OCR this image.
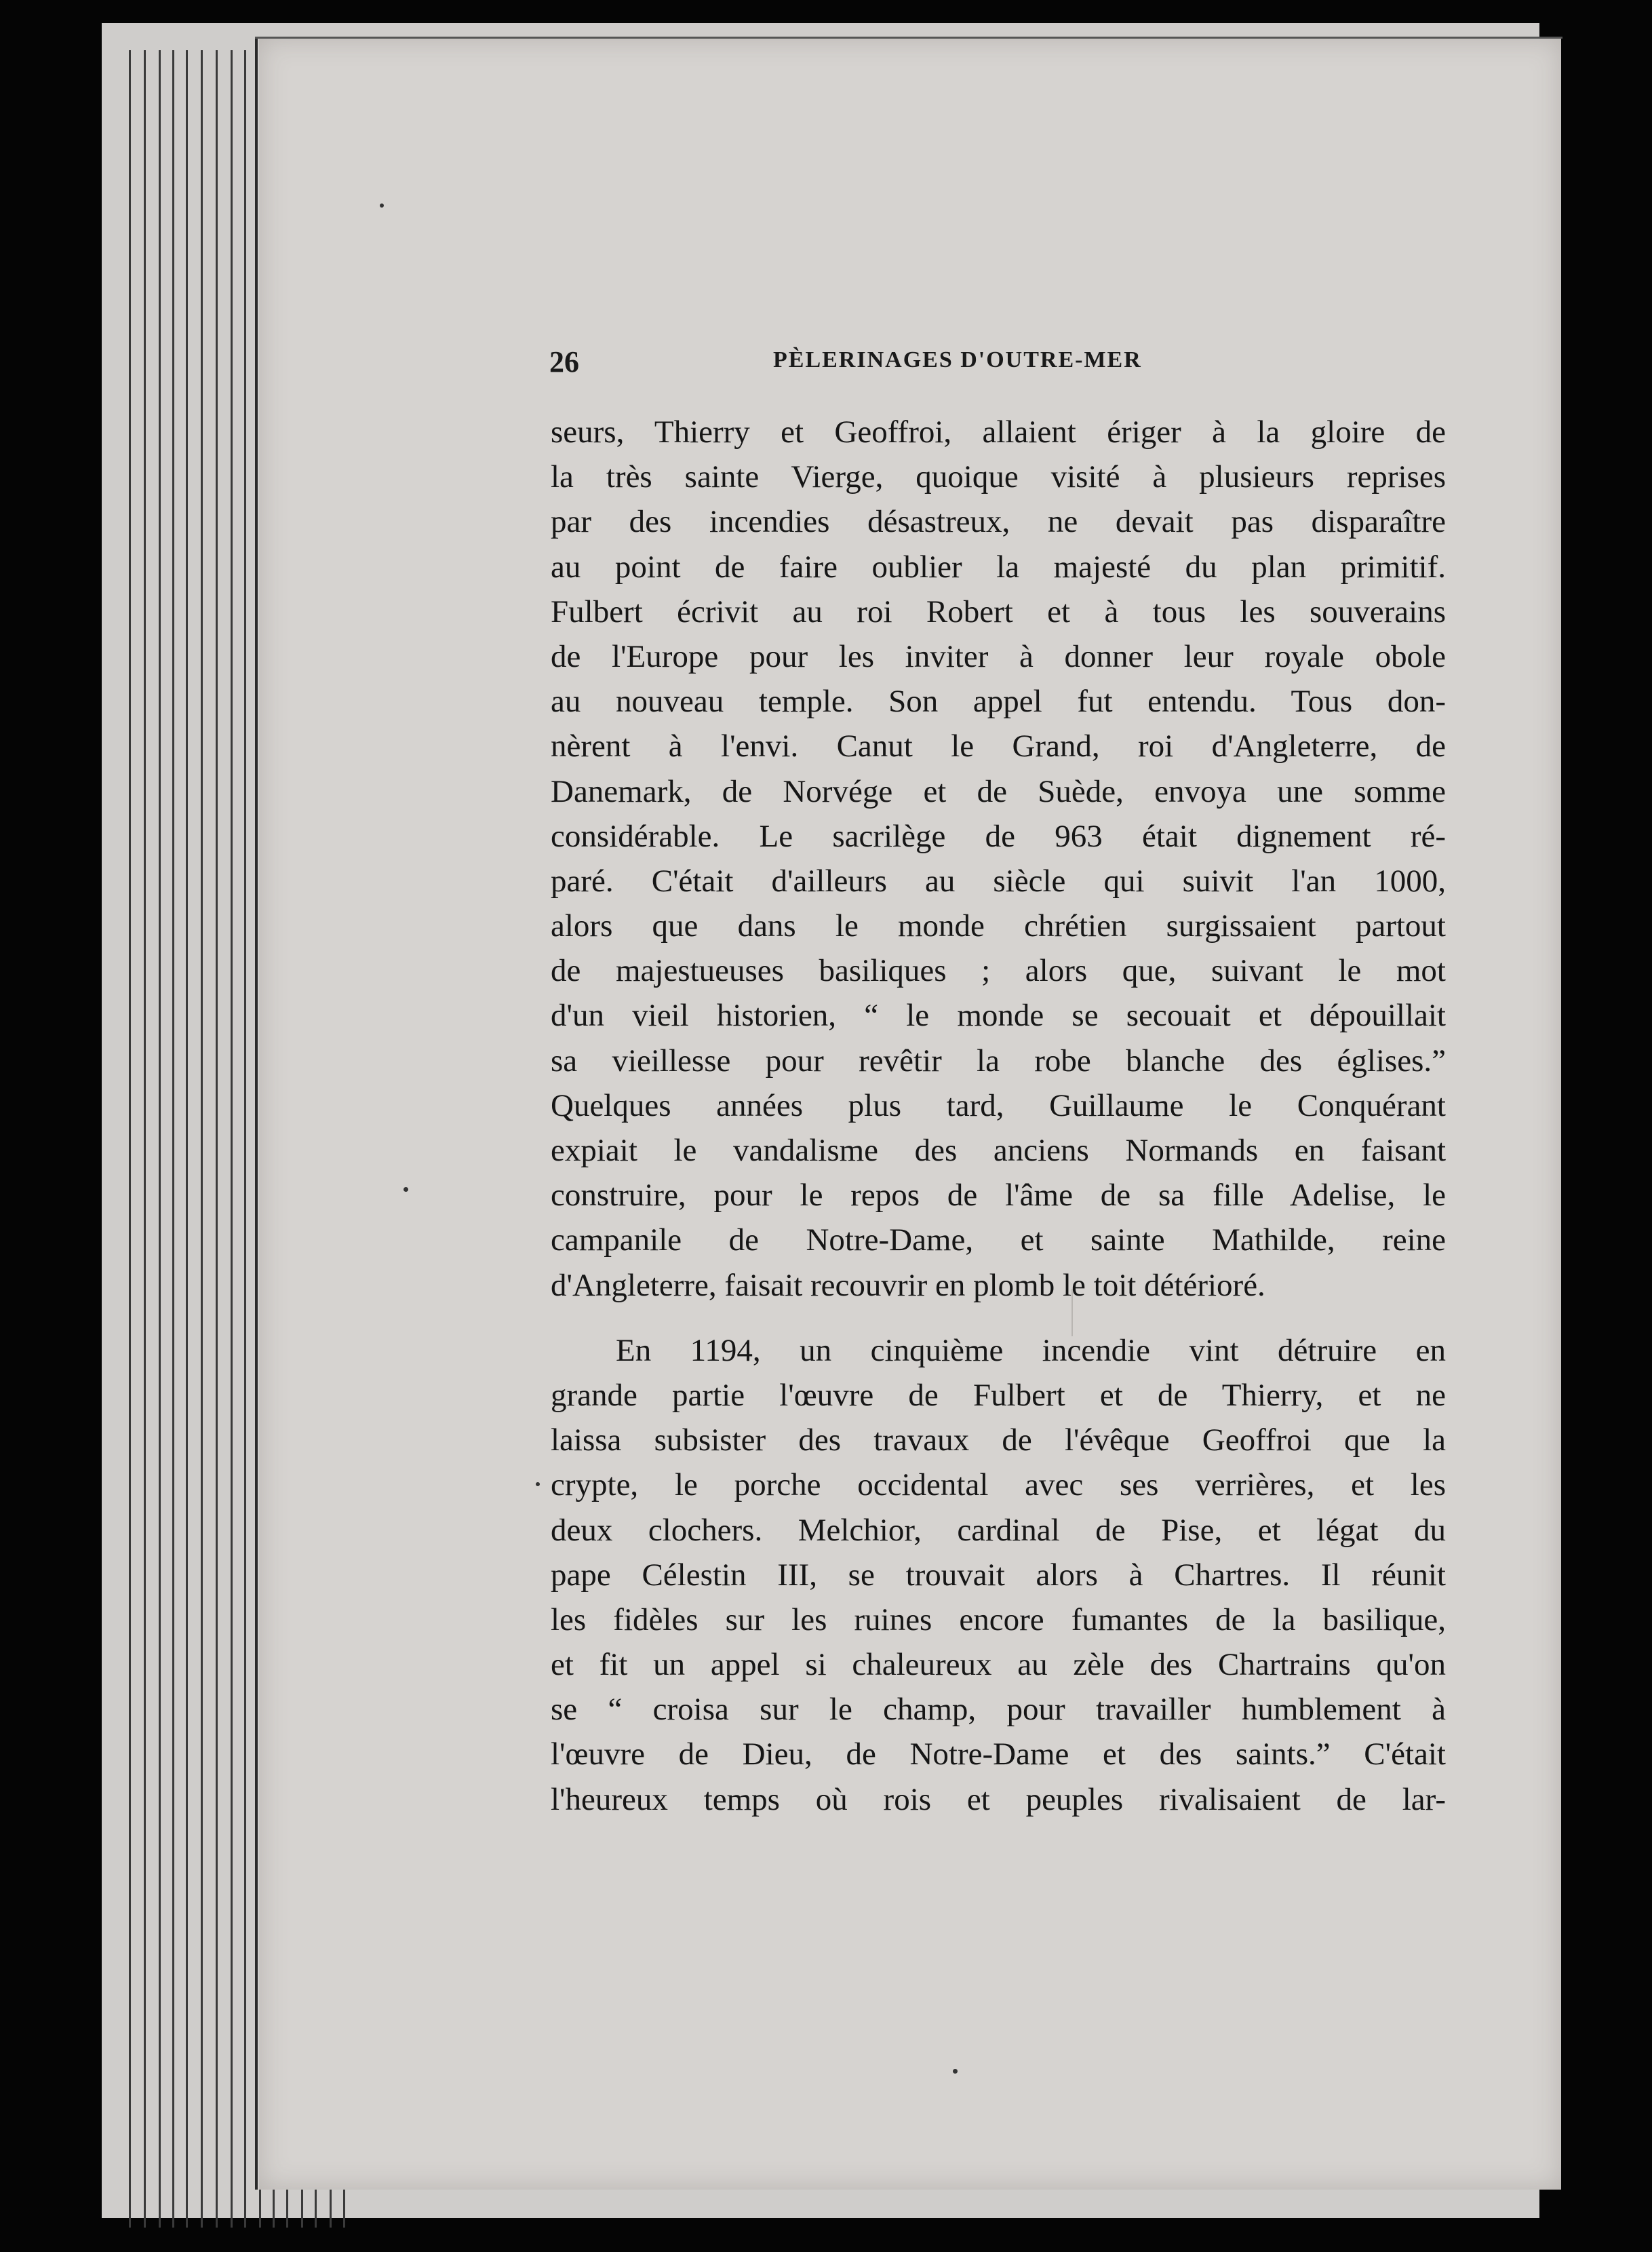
26	PÈLERINAGES D'OUTRE-MER
seurs, Thierry et Geoffroi, allaient ériger à la gloire de
la très sainte Vierge, quoique visité à plusieurs reprises
par des incendies désastreux, ne devait pas disparaître
au point de faire oublier la majesté du plan primitif.
Fulbert écrivit au roi Robert et à tous les souverains
de l'Europe pour les inviter à donner leur royale obole
au nouveau temple. Son appel fut entendu. Tous don-
nèrent à l'envi. Canut le Grand, roi d'Angleterre, de
Danemark, de Norvége et de Suède, envoya une somme
considérable. Le sacrilège de 963 était dignement ré-
paré. C'était d'ailleurs au siècle qui suivit l'an 1000,
alors que dans le monde chrétien surgissaient partout
de majestueuses basiliques ; alors que, suivant le mot
d'un vieil historien, “ le monde se secouait et dépouillait
sa vieillesse pour revêtir la robe blanche des églises.”
Quelques années plus tard, Guillaume le Conquérant
expiait le vandalisme des anciens Normands en faisant
construire, pour le repos de l'âme de sa fille Adelise, le
campanile de Notre-Dame, et sainte Mathilde, reine
d'Angleterre, faisait recouvrir en plomb le toit détérioré.
En 1194, un cinquième incendie vint détruire en
grande partie l'œuvre de Fulbert et de Thierry, et ne
laissa subsister des travaux de l'évêque Geoffroi que la
crypte, le porche occidental avec ses verrières, et les
deux clochers. Melchior, cardinal de Pise, et légat du
pape Célestin III, se trouvait alors à Chartres. Il réunit
les fidèles sur les ruines encore fumantes de la basilique,
et fit un appel si chaleureux au zèle des Chartrains qu'on
se “ croisa sur le champ, pour travailler humblement à
l'œuvre de Dieu, de Notre-Dame et des saints.” C'était
l'heureux temps où rois et peuples rivalisaient de lar-
